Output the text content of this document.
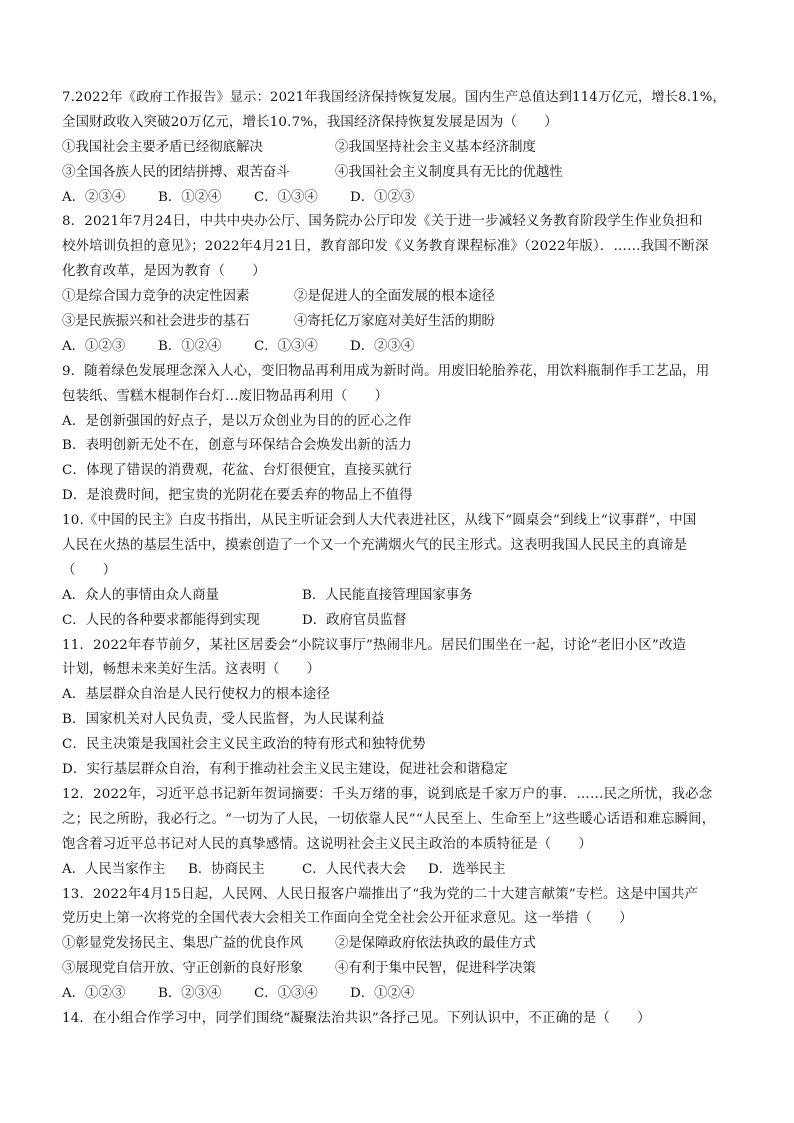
7.2022年《政府工作报告》显示：2021年我国经济保持恢复发展。国内生产总值达到114万亿元，增长8.1%，
全国财政收入突破20万亿元，增长10.7%，我国经济保持恢复发展是因为（　　）
①我国社会主要矛盾已经彻底解决	②我国坚持社会主义基本经济制度
③全国各族人民的团结拼搏、艰苦奋斗	④我国社会主义制度具有无比的优越性
A．②③④	B．①②④	C．①③④	D．①②③
8．2021年7月24日，中共中央办公厅、国务院办公厅印发《关于进一步减轻义务教育阶段学生作业负担和
校外培训负担的意见》；2022年4月21日，教育部印发《义务教育课程标准》（2022年版）．……我国不断深
化教育改革，是因为教育（　　）
①是综合国力竞争的决定性因素	②是促进人的全面发展的根本途径
③是民族振兴和社会进步的基石	④寄托亿万家庭对美好生活的期盼
A．①②③	B．①②④	C．①③④	D．②③④
9．随着绿色发展理念深入人心，变旧物品再利用成为新时尚。用废旧轮胎养花，用饮料瓶制作手工艺品，用
包装纸、雪糕木棍制作台灯…废旧物品再利用（　　）
A．是创新强国的好点子，是以万众创业为目的的匠心之作
B．表明创新无处不在，创意与环保结合会焕发出新的活力
C．体现了错误的消费观，花盆、台灯很便宜，直接买就行
D．是浪费时间，把宝贵的光阴花在要丢弃的物品上不值得
10.《中国的民主》白皮书指出，从民主听证会到人大代表进社区，从线下“圆桌会”到线上“议事群”，中国
人民在火热的基层生活中，摸索创造了一个又一个充满烟火气的民主形式。这表明我国人民民主的真谛是
（　　）
A．众人的事情由众人商量	B．人民能直接管理国家事务
C．人民的各种要求都能得到实现	D．政府官员监督
11．2022年春节前夕，某社区居委会“小院议事厅”热闹非凡。居民们围坐在一起，讨论“老旧小区”改造
计划，畅想未来美好生活。这表明（　　）
A．基层群众自治是人民行使权力的根本途径
B．国家机关对人民负责，受人民监督，为人民谋利益
C．民主决策是我国社会主义民主政治的特有形式和独特优势
D．实行基层群众自治，有利于推动社会主义民主建设，促进社会和谐稳定
12．2022年，习近平总书记新年贺词摘要：千头万绪的事，说到底是千家万户的事．……民之所忧，我必念
之；民之所盼，我必行之。“一切为了人民，一切依靠人民”“人民至上、生命至上”这些暖心话语和难忘瞬间，
饱含着习近平总书记对人民的真挚感情。这说明社会主义民主政治的本质特征是（　　）
A．人民当家作主	B．协商民主	C．人民代表大会	D．选举民主
13．2022年4月15日起，人民网、人民日报客户端推出了“我为党的二十大建言献策”专栏。这是中国共产
党历史上第一次将党的全国代表大会相关工作面向全党全社会公开征求意见。这一举措（　　）
①彰显党发扬民主、集思广益的优良作风	②是保障政府依法执政的最佳方式
③展现党自信开放、守正创新的良好形象	④有利于集中民智，促进科学决策
A．①②③	B．②③④	C．①③④	D．①②④
14．在小组合作学习中，同学们围绕“凝聚法治共识”各抒己见。下列认识中，不正确的是（　　）
